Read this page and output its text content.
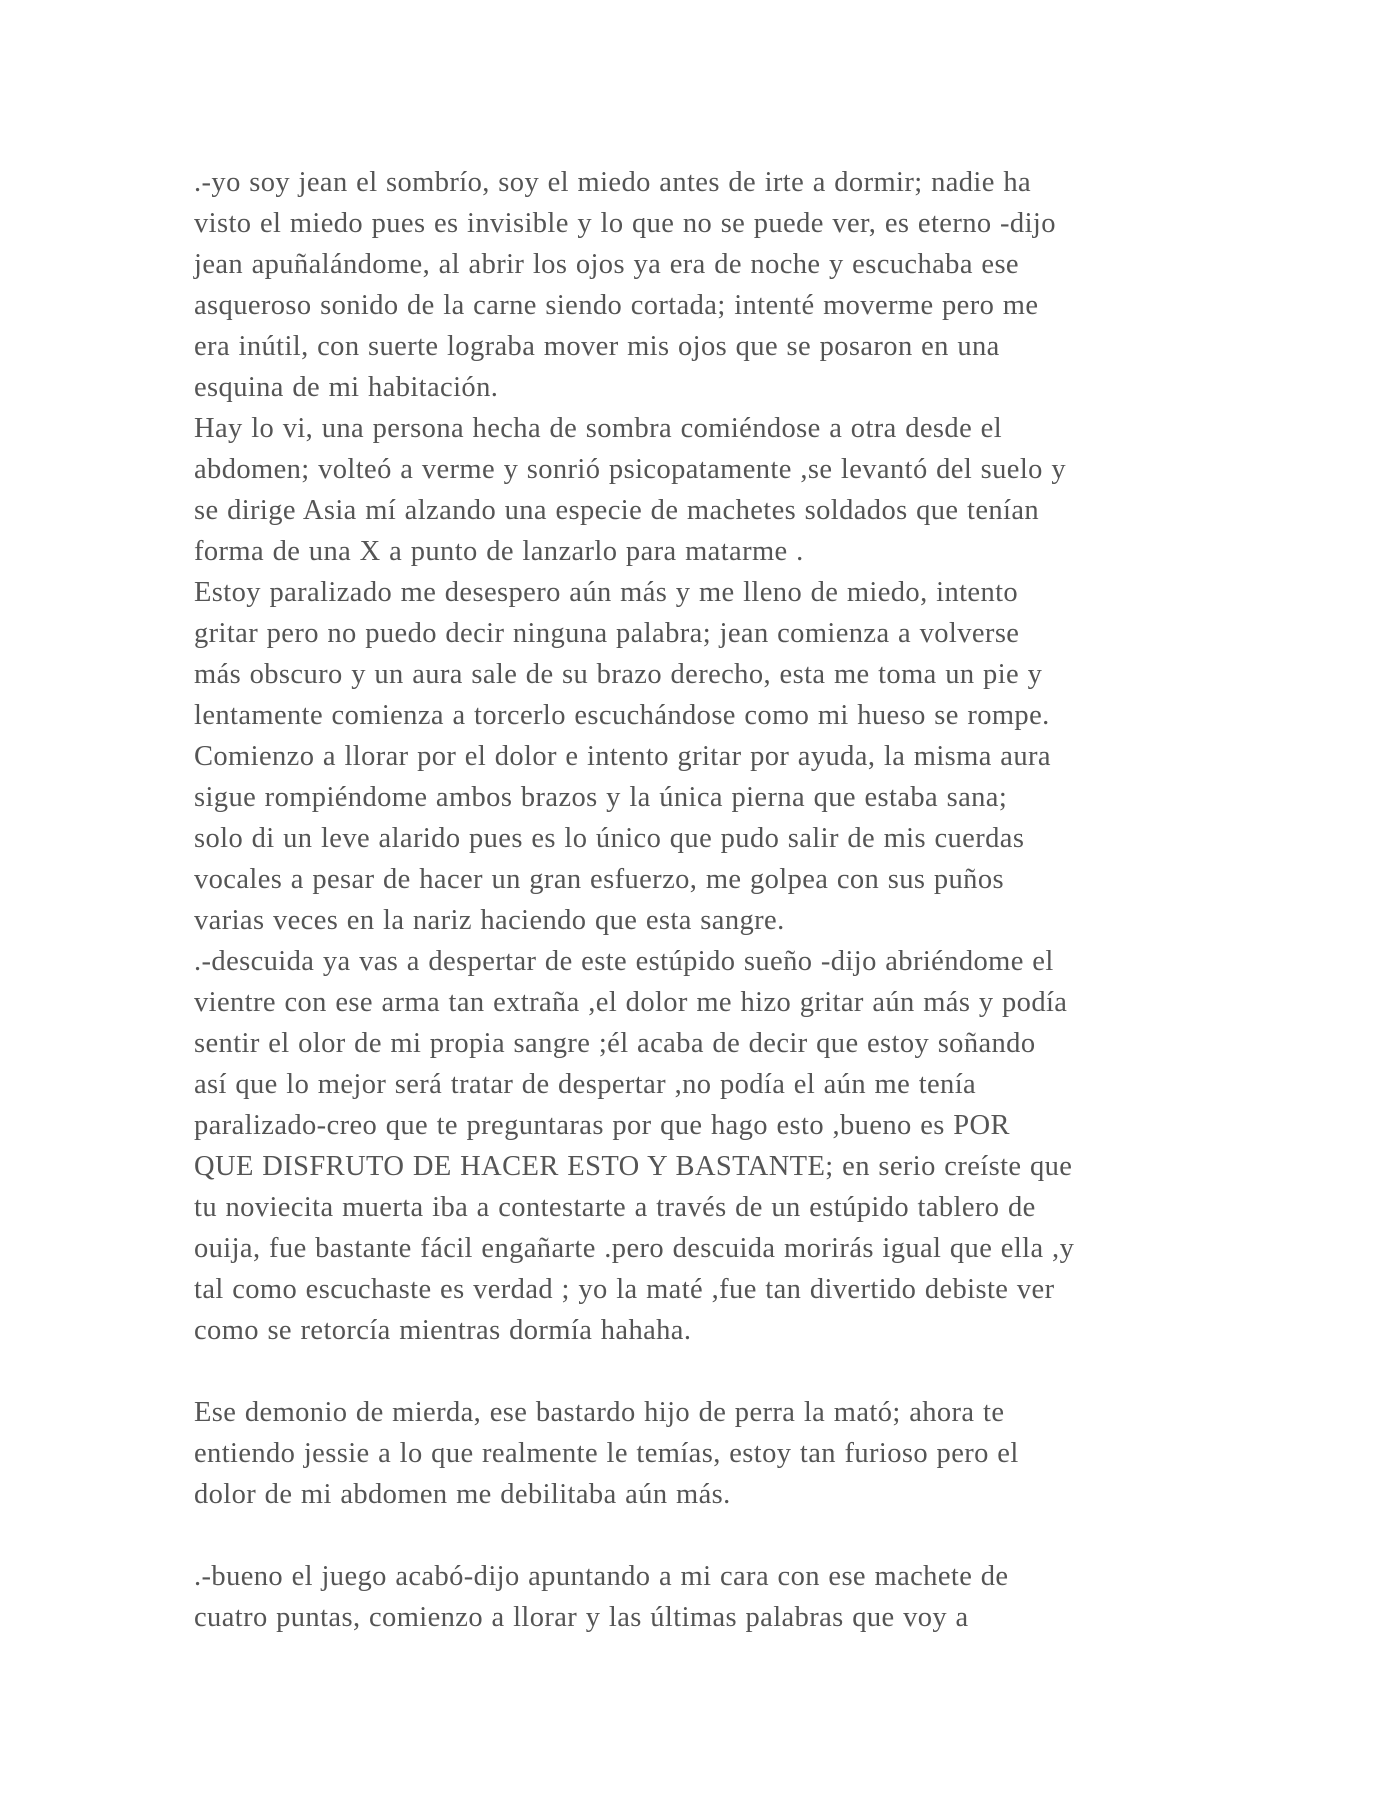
.-yo soy jean el sombrío, soy el miedo antes de irte a dormir; nadie ha
visto el miedo pues es invisible y lo que no se puede ver, es eterno -dijo
jean apuñalándome, al abrir los ojos ya era de noche y escuchaba ese
asqueroso sonido de la carne siendo cortada; intenté moverme pero me
era inútil, con suerte lograba mover mis ojos que se posaron en una
esquina de mi habitación.
Hay lo vi, una persona hecha de sombra comiéndose a otra desde el
abdomen; volteó a verme y sonrió psicopatamente ,se levantó del suelo y
se dirige Asia mí alzando una especie de machetes soldados que tenían
forma de una X a punto de lanzarlo para matarme .
Estoy paralizado me desespero aún más y me lleno de miedo, intento
gritar pero no puedo decir ninguna palabra; jean comienza a volverse
más obscuro y un aura sale de su brazo derecho, esta me toma un pie y
lentamente comienza a torcerlo escuchándose como mi hueso se rompe.
Comienzo a llorar por el dolor e intento gritar por ayuda, la misma aura
sigue rompiéndome ambos brazos y la única pierna que estaba sana;
solo di un leve alarido pues es lo único que pudo salir de mis cuerdas
vocales a pesar de hacer un gran esfuerzo, me golpea con sus puños
varias veces en la nariz haciendo que esta sangre.
.-descuida ya vas a despertar de este estúpido sueño -dijo abriéndome el
vientre con ese arma tan extraña ,el dolor me hizo gritar aún más y podía
sentir el olor de mi propia sangre ;él acaba de decir que estoy soñando
así que lo mejor será tratar de despertar ,no podía el aún me tenía
paralizado-creo que te preguntaras por que hago esto ,bueno es POR
QUE DISFRUTO DE HACER ESTO Y BASTANTE; en serio creíste que
tu noviecita muerta iba a contestarte a través de un estúpido tablero de
ouija, fue bastante fácil engañarte .pero descuida morirás igual que ella ,y
tal como escuchaste es verdad ; yo la maté ,fue tan divertido debiste ver
como se retorcía mientras dormía hahaha.
Ese demonio de mierda, ese bastardo hijo de perra la mató; ahora te
entiendo jessie a lo que realmente le temías, estoy tan furioso pero el
dolor de mi abdomen me debilitaba aún más.
.-bueno el juego acabó-dijo apuntando a mi cara con ese machete de
cuatro puntas, comienzo a llorar y las últimas palabras que voy a
